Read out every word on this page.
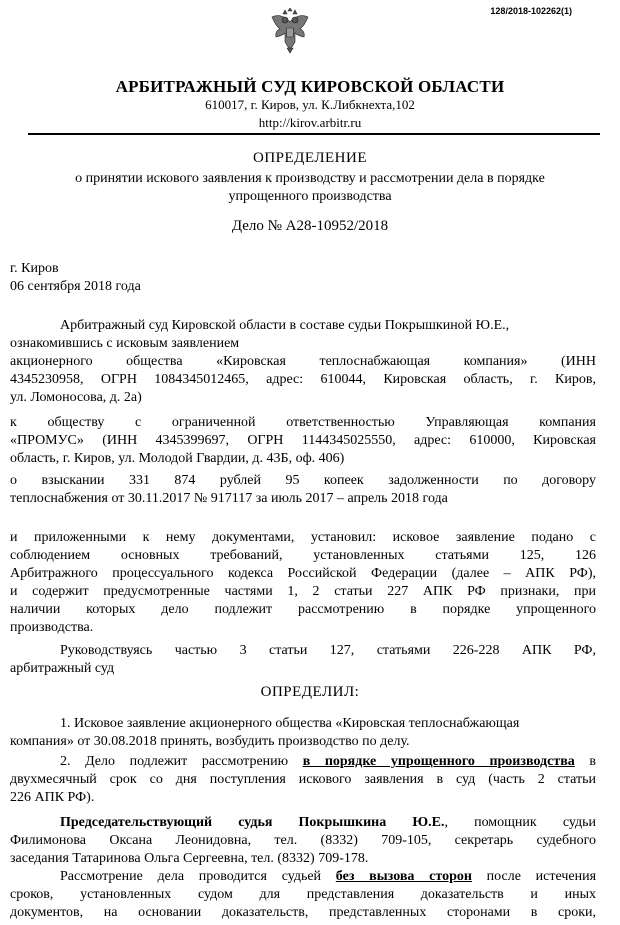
128/2018-102262(1)
АРБИТРАЖНЫЙ СУД КИРОВСКОЙ ОБЛАСТИ
610017, г. Киров, ул. К.Либкнехта,102
http://kirov.arbitr.ru
ОПРЕДЕЛЕНИЕ
о принятии искового заявления к производству и рассмотрении дела в порядке
упрощенного производства
Дело № А28-10952/2018
г. Киров
06 сентября 2018 года
Арбитражный суд Кировской области в составе судьи Покрышкиной Ю.Е.,
ознакомившись с исковым заявлением
акционерного общества «Кировская теплоснабжающая компания» (ИНН
4345230958, ОГРН 1084345012465, адрес: 610044, Кировская область, г. Киров,
ул. Ломоносова, д. 2а)
к обществу с ограниченной ответственностью Управляющая компания
«ПРОМУС» (ИНН 4345399697, ОГРН 1144345025550, адрес: 610000, Кировская
область, г. Киров, ул. Молодой Гвардии, д. 43Б, оф. 406)
о взыскании 331 874 рублей 95 копеек задолженности по договору
теплоснабжения от 30.11.2017 № 917117 за июль 2017 – апрель 2018 года
и приложенными к нему документами, установил: исковое заявление подано с
соблюдением основных требований, установленных статьями 125, 126
Арбитражного процессуального кодекса Российской Федерации (далее – АПК РФ),
и содержит предусмотренные частями 1, 2 статьи 227 АПК РФ признаки, при
наличии которых дело подлежит рассмотрению в порядке упрощенного
производства.
Руководствуясь частью 3 статьи 127, статьями 226-228 АПК РФ,
арбитражный суд
ОПРЕДЕЛИЛ:
1. Исковое заявление акционерного общества «Кировская теплоснабжающая
компания» от 30.08.2018 принять, возбудить производство по делу.
2. Дело подлежит рассмотрению в порядке упрощенного производства в
двухмесячный срок со дня поступления искового заявления в суд (часть 2 статьи
226 АПК РФ).
Председательствующий судья Покрышкина Ю.Е., помощник судьи
Филимонова Оксана Леонидовна, тел. (8332) 709-105, секретарь судебного
заседания Татаринова Ольга Сергеевна, тел. (8332) 709-178.
Рассмотрение дела проводится судьей без вызова сторон после истечения
сроков, установленных судом для представления доказательств и иных
документов, на основании доказательств, представленных сторонами в сроки,
